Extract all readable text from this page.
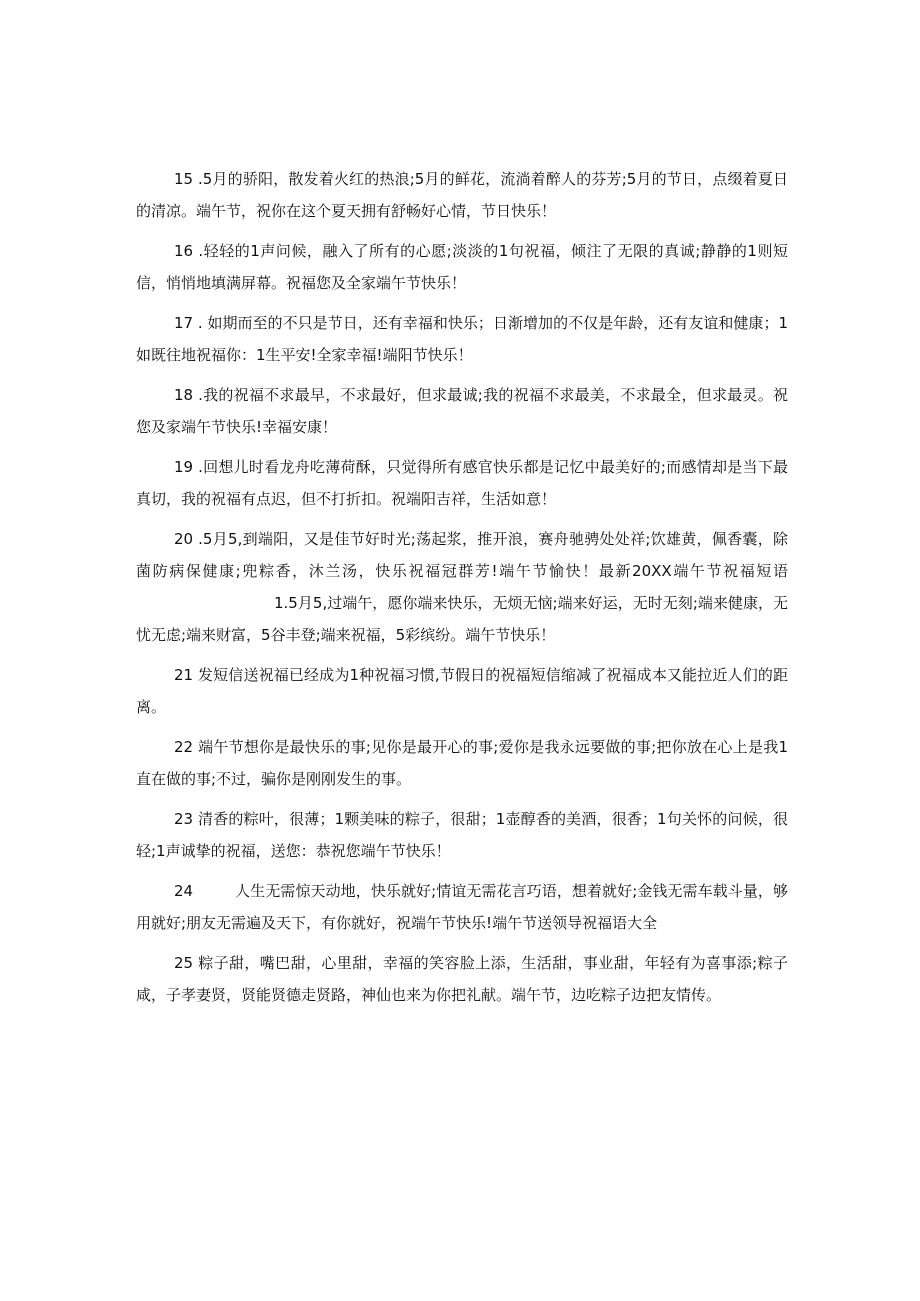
15 .5月的骄阳，散发着火红的热浪;5月的鲜花，流淌着醉人的芬芳;5月的节日，点缀着夏日的清凉。端午节，祝你在这个夏天拥有舒畅好心情，节日快乐！

16 .轻轻的1声问候，融入了所有的心愿;淡淡的1句祝福，倾注了无限的真诚;静静的1则短信，悄悄地填满屏幕。祝福您及全家端午节快乐！

17 . 如期而至的不只是节日，还有幸福和快乐；日渐增加的不仅是年龄，还有友谊和健康；1如既往地祝福你：1生平安!全家幸福!端阳节快乐！

18 .我的祝福不求最早，不求最好，但求最诚;我的祝福不求最美，不求最全，但求最灵。祝您及家端午节快乐!幸福安康！

19 .回想儿时看龙舟吃薄荷酥，只觉得所有感官快乐都是记忆中最美好的;而感情却是当下最真切，我的祝福有点迟，但不打折扣。祝端阳吉祥，生活如意！

20 .5月5,到端阳，又是佳节好时光;荡起浆，推开浪，赛舟驰骋处处祥;饮雄黄，佩香囊，除菌防病保健康;兜粽香，沐兰汤，快乐祝福冠群芳!端午节愉快！最新20XX端午节祝福短语1.5月5,过端午，愿你端来快乐，无烦无恼;端来好运，无时无刻;端来健康，无忧无虑;端来财富，5谷丰登;端来祝福，5彩缤纷。端午节快乐！

21 发短信送祝福已经成为1种祝福习惯,节假日的祝福短信缩减了祝福成本又能拉近人们的距离。

22 端午节想你是最快乐的事;见你是最开心的事;爱你是我永远要做的事;把你放在心上是我1直在做的事;不过，骗你是刚刚发生的事。

23 清香的粽叶，很薄；1颗美味的粽子，很甜；1壶醇香的美酒，很香；1句关怀的问候，很轻;1声诚挚的祝福，送您：恭祝您端午节快乐！

24	人生无需惊天动地，快乐就好;情谊无需花言巧语，想着就好;金钱无需车载斗量，够用就好;朋友无需遍及天下，有你就好，祝端午节快乐!端午节送领导祝福语大全

25 粽子甜，嘴巴甜，心里甜，幸福的笑容脸上添，生活甜，事业甜，年轻有为喜事添;粽子咸，子孝妻贤，贤能贤德走贤路，神仙也来为你把礼献。端午节，边吃粽子边把友情传。
